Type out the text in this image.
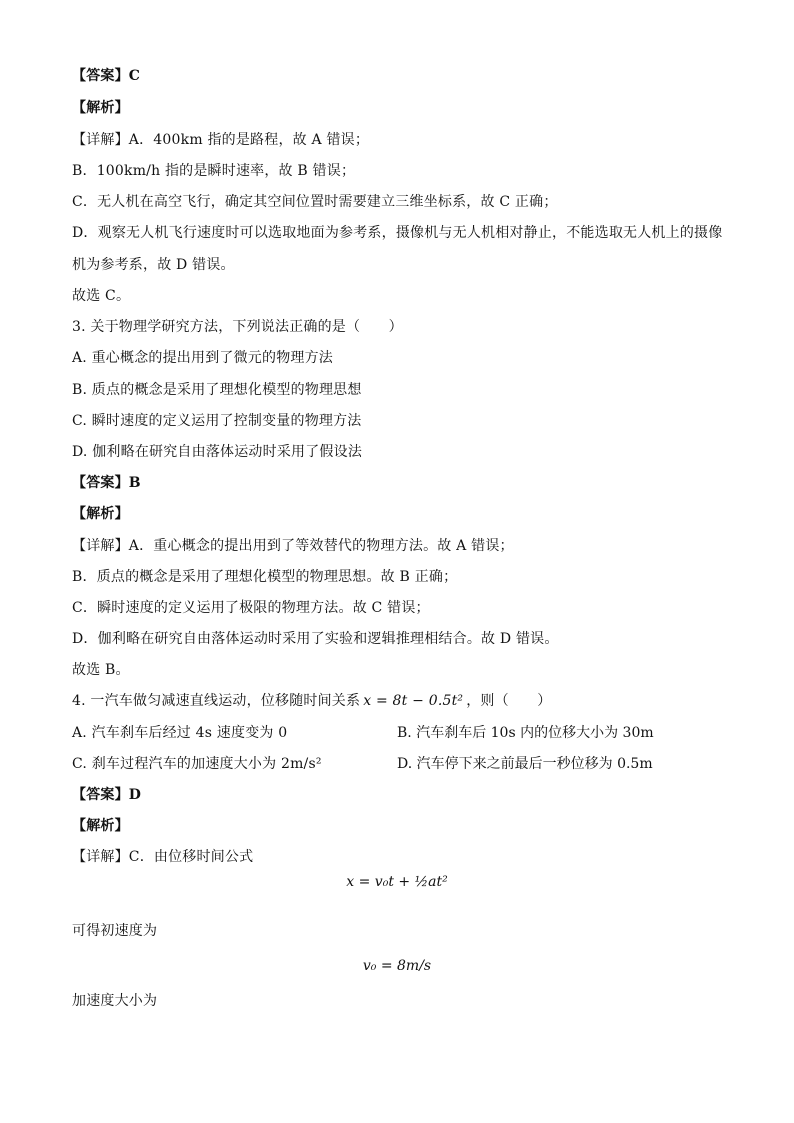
【答案】C
【解析】
【详解】A．400km 指的是路程，故 A 错误；
B．100km/h 指的是瞬时速率，故 B 错误；
C．无人机在高空飞行，确定其空间位置时需要建立三维坐标系，故 C 正确；
D．观察无人机飞行速度时可以选取地面为参考系，摄像机与无人机相对静止，不能选取无人机上的摄像
机为参考系，故 D 错误。
故选 C。
3. 关于物理学研究方法，下列说法正确的是（　　）
A. 重心概念的提出用到了微元的物理方法
B. 质点的概念是采用了理想化模型的物理思想
C. 瞬时速度的定义运用了控制变量的物理方法
D. 伽利略在研究自由落体运动时采用了假设法
【答案】B
【解析】
【详解】A．重心概念的提出用到了等效替代的物理方法。故 A 错误；
B．质点的概念是采用了理想化模型的物理思想。故 B 正确；
C．瞬时速度的定义运用了极限的物理方法。故 C 错误；
D．伽利略在研究自由落体运动时采用了实验和逻辑推理相结合。故 D 错误。
故选 B。
4. 一汽车做匀减速直线运动，位移随时间关系 x = 8t − 0.5t² ，则（　　）
A. 汽车刹车后经过 4s 速度变为 0	B. 汽车刹车后 10s 内的位移大小为 30m
C. 刹车过程汽车的加速度大小为 2m/s²	D. 汽车停下来之前最后一秒位移为 0.5m
【答案】D
【解析】
【详解】C．由位移时间公式
x = v₀t + ½at²
可得初速度为
v₀ = 8m/s
加速度大小为
